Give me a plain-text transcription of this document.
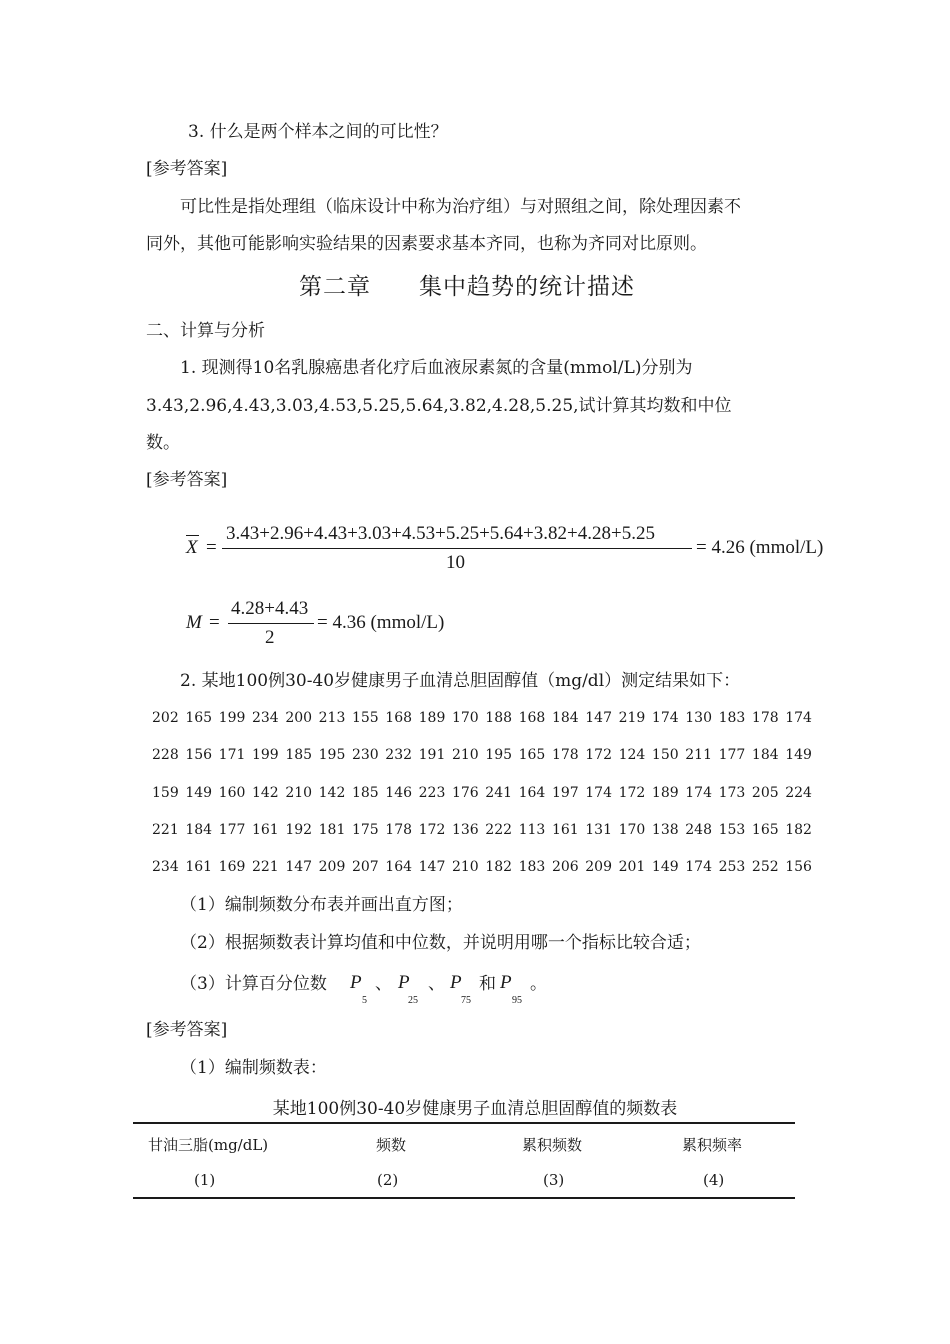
3. 什么是两个样本之间的可比性？
[参考答案]
可比性是指处理组（临床设计中称为治疗组）与对照组之间，除处理因素不
同外，其他可能影响实验结果的因素要求基本齐同，也称为齐同对比原则。
第二章　　集中趋势的统计描述
二、计算与分析
1. 现测得10名乳腺癌患者化疗后血液尿素氮的含量(mmol/L)分别为
3.43,2.96,4.43,3.03,4.53,5.25,5.64,3.82,4.28,5.25,试计算其均数和中位
数。
[参考答案]
X =
3.43+2.96+4.43+3.03+4.53+5.25+5.64+3.82+4.28+5.25
10
= 4.26 (mmol/L)
M =
4.28+4.43
2
= 4.36 (mmol/L)
2. 某地100例30-40岁健康男子血清总胆固醇值（mg/dl）测定结果如下：
202 165 199 234 200 213 155 168 189 170 188 168 184 147 219 174 130 183 178 174
228 156 171 199 185 195 230 232 191 210 195 165 178 172 124 150 211 177 184 149
159 149 160 142 210 142 185 146 223 176 241 164 197 174 172 189 174 173 205 224
221 184 177 161 192 181 175 178 172 136 222 113 161 131 170 138 248 153 165 182
234 161 169 221 147 209 207 164 147 210 182 183 206 209 201 149 174 253 252 156
（1）编制频数分布表并画出直方图；
（2）根据频数表计算均值和中位数，并说明用哪一个指标比较合适；
（3）计算百分位数 P
5
、 P
25
、 P
75
和 P
95
。
[参考答案]
（1）编制频数表：
某地100例30-40岁健康男子血清总胆固醇值的频数表
甘油三脂(mg/dL)	频数	累积频数	累积频率
(1)	(2)	(3)	(4)
